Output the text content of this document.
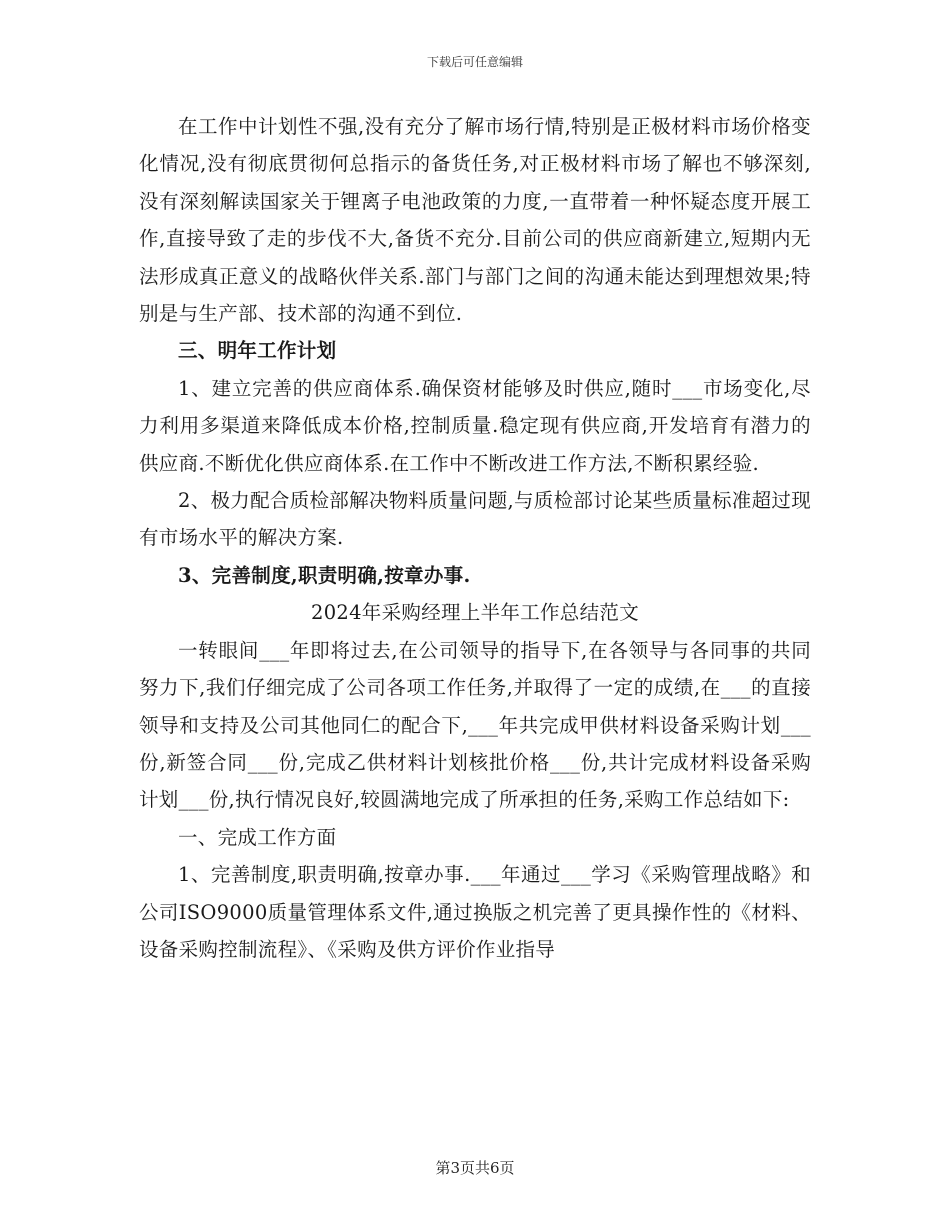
下载后可任意编辑

在工作中计划性不强,没有充分了解市场行情,特别是正极材料市场价格变化情况,没有彻底贯彻何总指示的备货任务,对正极材料市场了解也不够深刻,没有深刻解读国家关于锂离子电池政策的力度,一直带着一种怀疑态度开展工作,直接导致了走的步伐不大,备货不充分.目前公司的供应商新建立,短期内无法形成真正意义的战略伙伴关系.部门与部门之间的沟通未能达到理想效果;特别是与生产部、技术部的沟通不到位.

三、明年工作计划

1、建立完善的供应商体系.确保资材能够及时供应,随时___市场变化,尽力利用多渠道来降低成本价格,控制质量.稳定现有供应商,开发培育有潜力的供应商.不断优化供应商体系.在工作中不断改进工作方法,不断积累经验.

2、极力配合质检部解决物料质量问题,与质检部讨论某些质量标准超过现有市场水平的解决方案.

3、完善制度,职责明确,按章办事.

2024年采购经理上半年工作总结范文

一转眼间___年即将过去,在公司领导的指导下,在各领导与各同事的共同努力下,我们仔细完成了公司各项工作任务,并取得了一定的成绩,在___的直接领导和支持及公司其他同仁的配合下,___年共完成甲供材料设备采购计划___份,新签合同___份,完成乙供材料计划核批价格___份,共计完成材料设备采购计划___份,执行情况良好,较圆满地完成了所承担的任务,采购工作总结如下:

一、完成工作方面

1、完善制度,职责明确,按章办事.___年通过___学习《采购管理战略》和公司ISO9000质量管理体系文件,通过换版之机完善了更具操作性的《材料、设备采购控制流程》、《采购及供方评价作业指导

第3页共6页
